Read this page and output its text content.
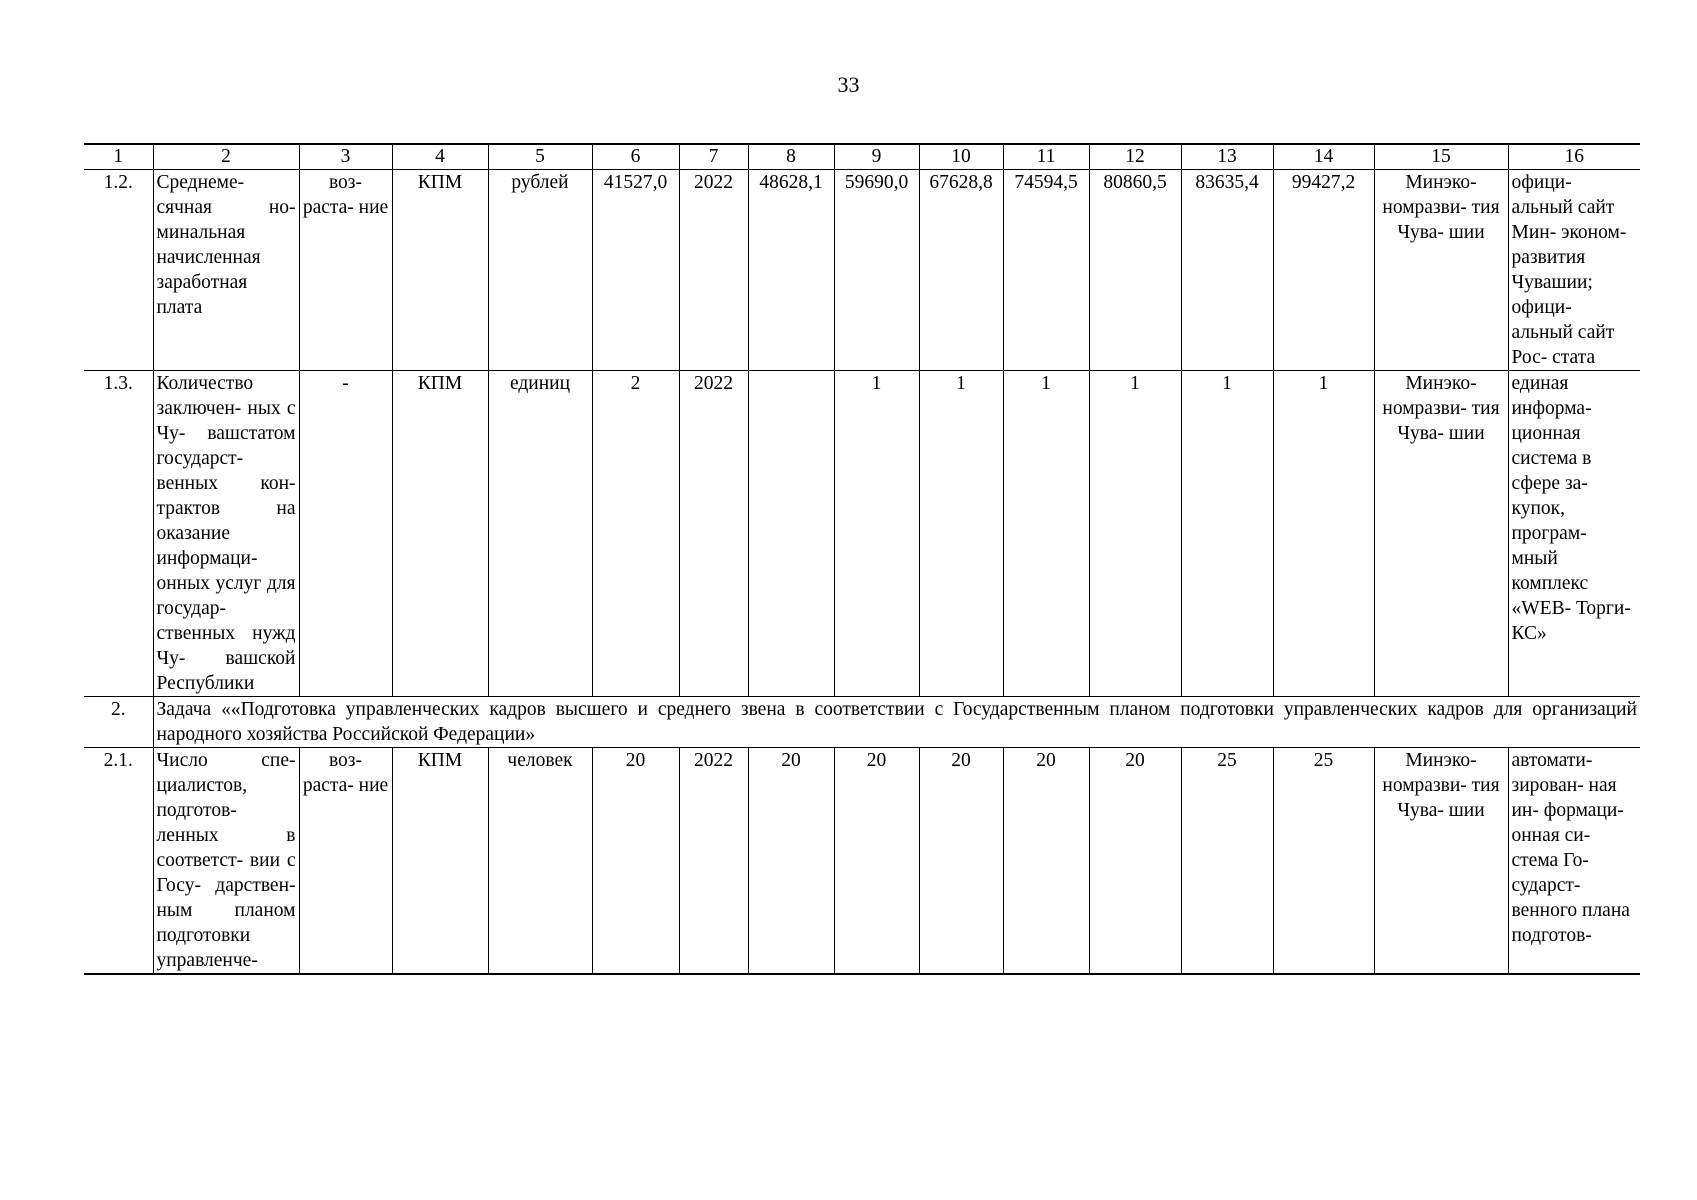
33
1	2	3	4	5	6	7	8	9	10	11	12	13	14	15	16
1.2.	Среднеме- сячная но- минальная начисленная заработная плата	воз- раста- ние	КПМ	рублей	41527,0	2022	48628,1	59690,0	67628,8	74594,5	80860,5	83635,4	99427,2	Минэко- номразви- тия Чува- шии	офици- альный сайт Мин- эконом- развития Чувашии; офици- альный сайт Рос- стата
1.3.	Количество заключен- ных с Чу- вашстатом государст- венных кон- трактов на оказание информаци- онных услуг для государ- ственных нужд Чу- вашской Республики	-	КПМ	единиц	2	2022		1	1	1	1	1	1	Минэко- номразви- тия Чува- шии	единая информа- ционная система в сфере за- купок, програм- мный комплекс «WEB- Торги- КС»
2.	Задача ««Подготовка управленческих кадров высшего и среднего звена в соответствии с Государственным планом подготовки управленческих кадров для организаций народного хозяйства Российской Федерации»														
2.1.	Число спе- циалистов, подготов- ленных в соответст- вии с Госу- дарствен- ным планом подготовки управленче-	воз- раста- ние	КПМ	человек	20	2022	20	20	20	20	20	25	25	Минэко- номразви- тия Чува- шии	автомати- зирован- ная ин- формаци- онная си- стема Го- сударст- венного плана подготов-
